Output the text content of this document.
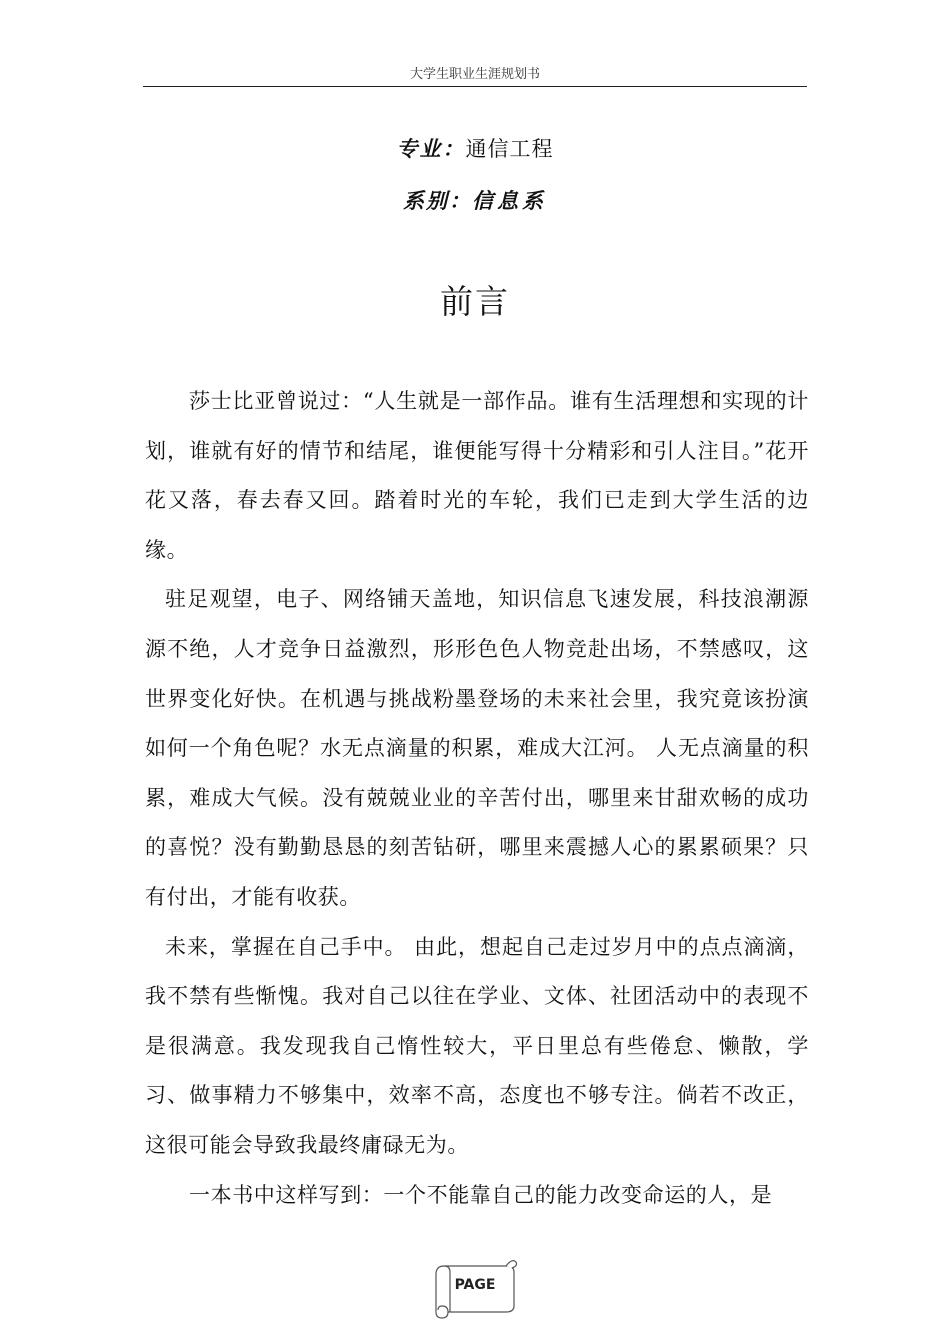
大学生职业生涯规划书
专业：通信工程
系别：信息系
前言

莎士比亚曾说过：“人生就是一部作品。谁有生活理想和实现的计划，谁就有好的情节和结尾，谁便能写得十分精彩和引人注目。”花开花又落，春去春又回。踏着时光的车轮，我们已走到大学生活的边缘。

驻足观望，电子、网络铺天盖地，知识信息飞速发展，科技浪潮源源不绝，人才竞争日益激烈，形形色色人物竞赴出场，不禁感叹，这世界变化好快。在机遇与挑战粉墨登场的未来社会里，我究竟该扮演如何一个角色呢？水无点滴量的积累，难成大江河。 人无点滴量的积累，难成大气候。没有兢兢业业的辛苦付出，哪里来甘甜欢畅的成功的喜悦？没有勤勤恳恳的刻苦钻研，哪里来震撼人心的累累硕果？只有付出，才能有收获。

未来，掌握在自己手中。 由此，想起自己走过岁月中的点点滴滴，我不禁有些惭愧。我对自己以往在学业、文体、社团活动中的表现不是很满意。我发现我自己惰性较大，平日里总有些倦怠、懒散，学习、做事精力不够集中，效率不高，态度也不够专注。倘若不改正，这很可能会导致我最终庸碌无为。

一本书中这样写到：一个不能靠自己的能力改变命运的人，是

PAGE
